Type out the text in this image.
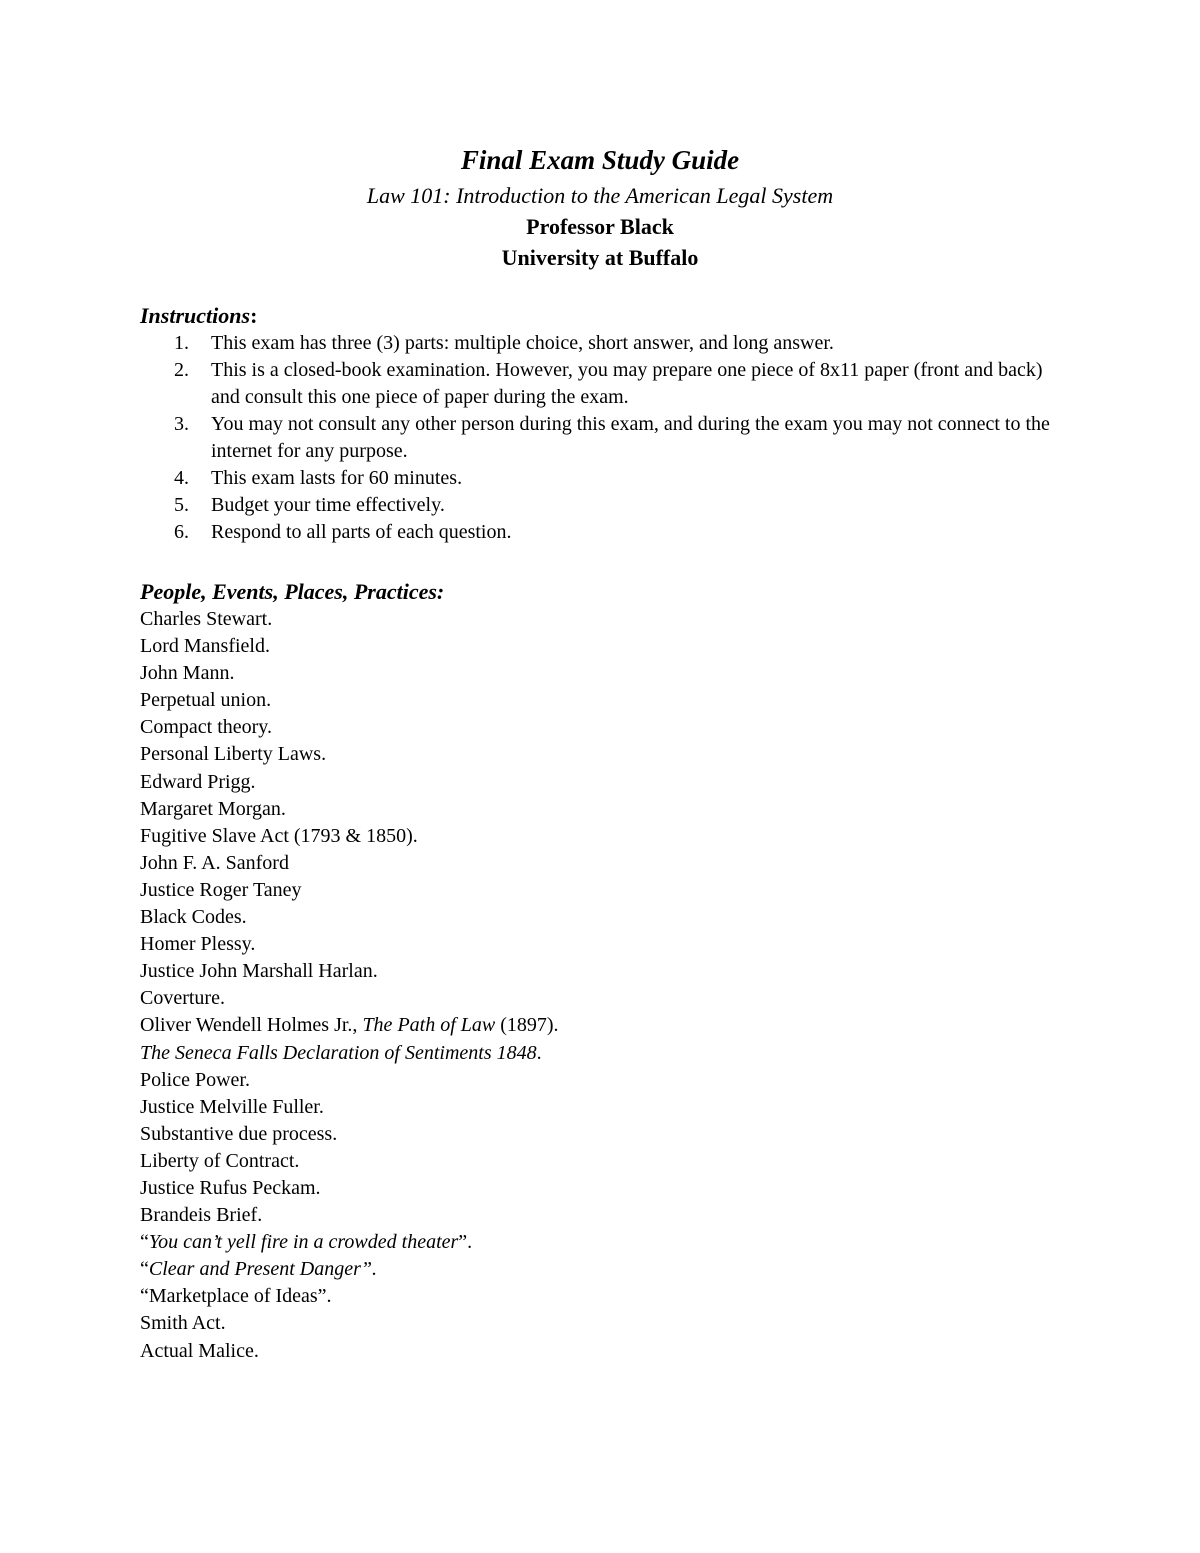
Final Exam Study Guide

Law 101: Introduction to the American Legal System

Professor Black

University at Buffalo

Instructions:

1. This exam has three (3) parts: multiple choice, short answer, and long answer.
2. This is a closed-book examination. However, you may prepare one piece of 8x11 paper (front and back) and consult this one piece of paper during the exam.
3. You may not consult any other person during this exam, and during the exam you may not connect to the internet for any purpose.
4. This exam lasts for 60 minutes.
5. Budget your time effectively.
6. Respond to all parts of each question.

People, Events, Places, Practices:

Charles Stewart.
Lord Mansfield.
John Mann.
Perpetual union.
Compact theory.
Personal Liberty Laws.
Edward Prigg.
Margaret Morgan.
Fugitive Slave Act (1793 & 1850).
John F. A. Sanford
Justice Roger Taney
Black Codes.
Homer Plessy.
Justice John Marshall Harlan.
Coverture.
Oliver Wendell Holmes Jr., The Path of Law (1897).
The Seneca Falls Declaration of Sentiments 1848.
Police Power.
Justice Melville Fuller.
Substantive due process.
Liberty of Contract.
Justice Rufus Peckam.
Brandeis Brief.
“You can’t yell fire in a crowded theater”.
“Clear and Present Danger”.
“Marketplace of Ideas”.
Smith Act.
Actual Malice.
